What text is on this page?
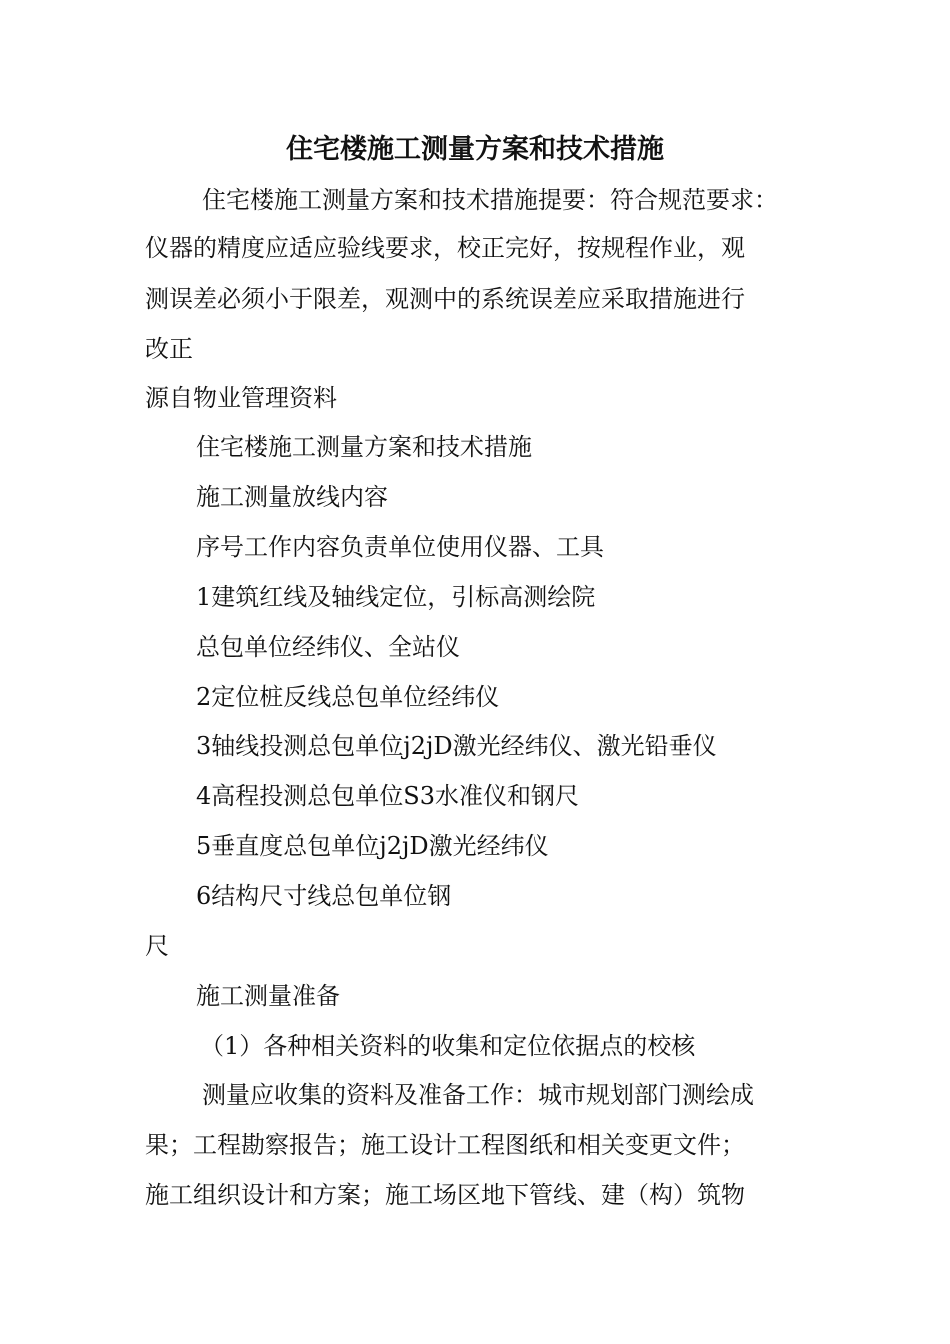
住宅楼施工测量方案和技术措施

住宅楼施工测量方案和技术措施提要：符合规范要求：

仪器的精度应适应验线要求，校正完好，按规程作业，观

测误差必须小于限差，观测中的系统误差应采取措施进行

改正

源自物业管理资料

住宅楼施工测量方案和技术措施

施工测量放线内容

序号工作内容负责单位使用仪器、工具

1建筑红线及轴线定位，引标高测绘院

总包单位经纬仪、全站仪

2定位桩反线总包单位经纬仪

3轴线投测总包单位j2jD激光经纬仪、激光铅垂仪

4高程投测总包单位S3水准仪和钢尺

5垂直度总包单位j2jD激光经纬仪

6结构尺寸线总包单位钢

尺

施工测量准备

（1）各种相关资料的收集和定位依据点的校核

测量应收集的资料及准备工作：城市规划部门测绘成

果；工程勘察报告；施工设计工程图纸和相关变更文件；

施工组织设计和方案；施工场区地下管线、建（构）筑物
